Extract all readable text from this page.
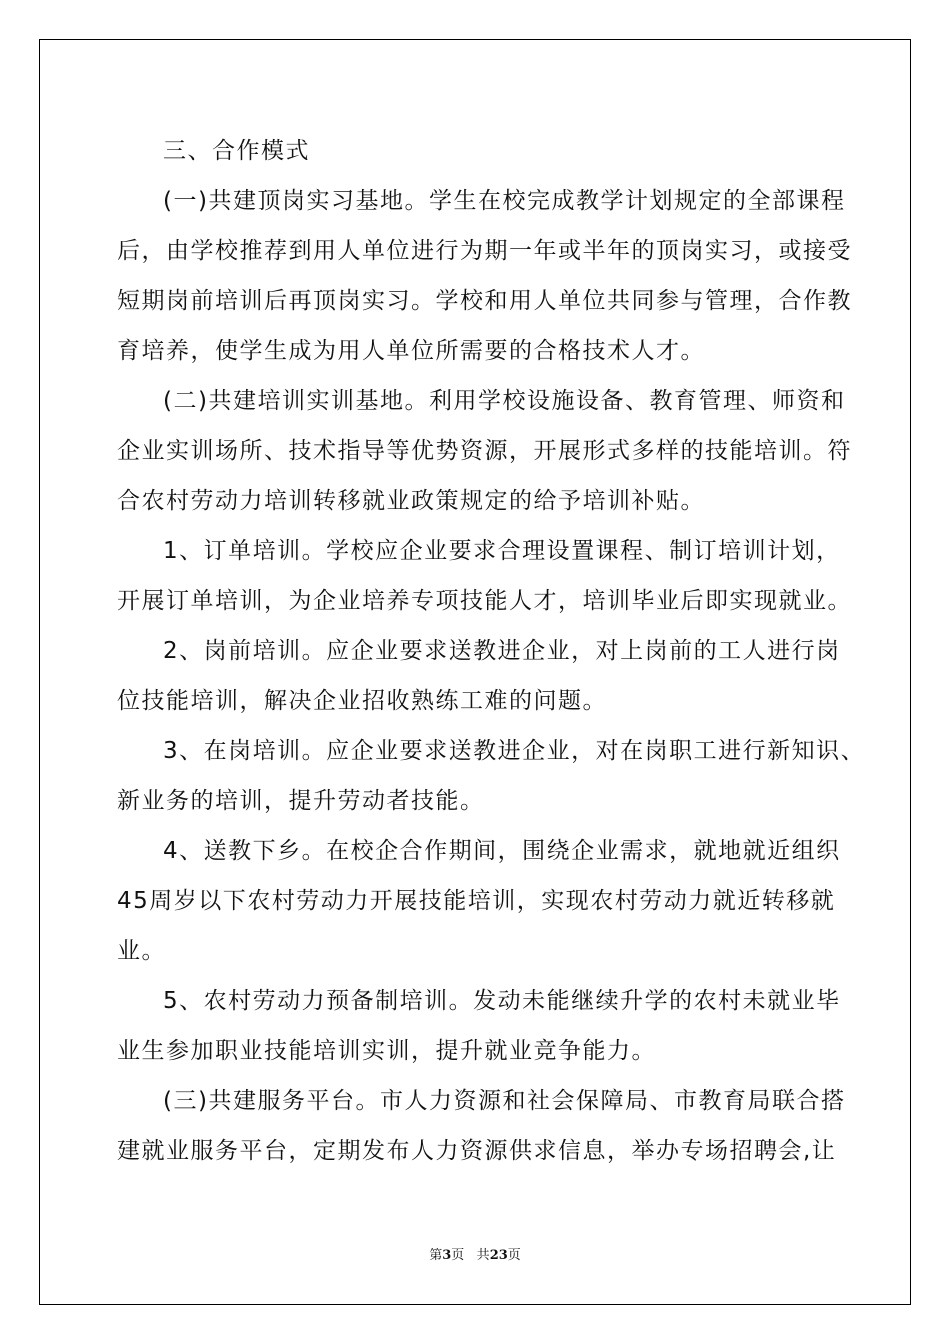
三、合作模式
(一)共建顶岗实习基地。学生在校完成教学计划规定的全部课程
后，由学校推荐到用人单位进行为期一年或半年的顶岗实习，或接受
短期岗前培训后再顶岗实习。学校和用人单位共同参与管理，合作教
育培养，使学生成为用人单位所需要的合格技术人才。
(二)共建培训实训基地。利用学校设施设备、教育管理、师资和
企业实训场所、技术指导等优势资源，开展形式多样的技能培训。符
合农村劳动力培训转移就业政策规定的给予培训补贴。
1、订单培训。学校应企业要求合理设置课程、制订培训计划，
开展订单培训，为企业培养专项技能人才，培训毕业后即实现就业。
2、岗前培训。应企业要求送教进企业，对上岗前的工人进行岗
位技能培训，解决企业招收熟练工难的问题。
3、在岗培训。应企业要求送教进企业，对在岗职工进行新知识、
新业务的培训，提升劳动者技能。
4、送教下乡。在校企合作期间，围绕企业需求，就地就近组织
45周岁以下农村劳动力开展技能培训，实现农村劳动力就近转移就
业。
5、农村劳动力预备制培训。发动未能继续升学的农村未就业毕
业生参加职业技能培训实训，提升就业竞争能力。
(三)共建服务平台。市人力资源和社会保障局、市教育局联合搭
建就业服务平台，定期发布人力资源供求信息，举办专场招聘会,让
第3页 共23页
